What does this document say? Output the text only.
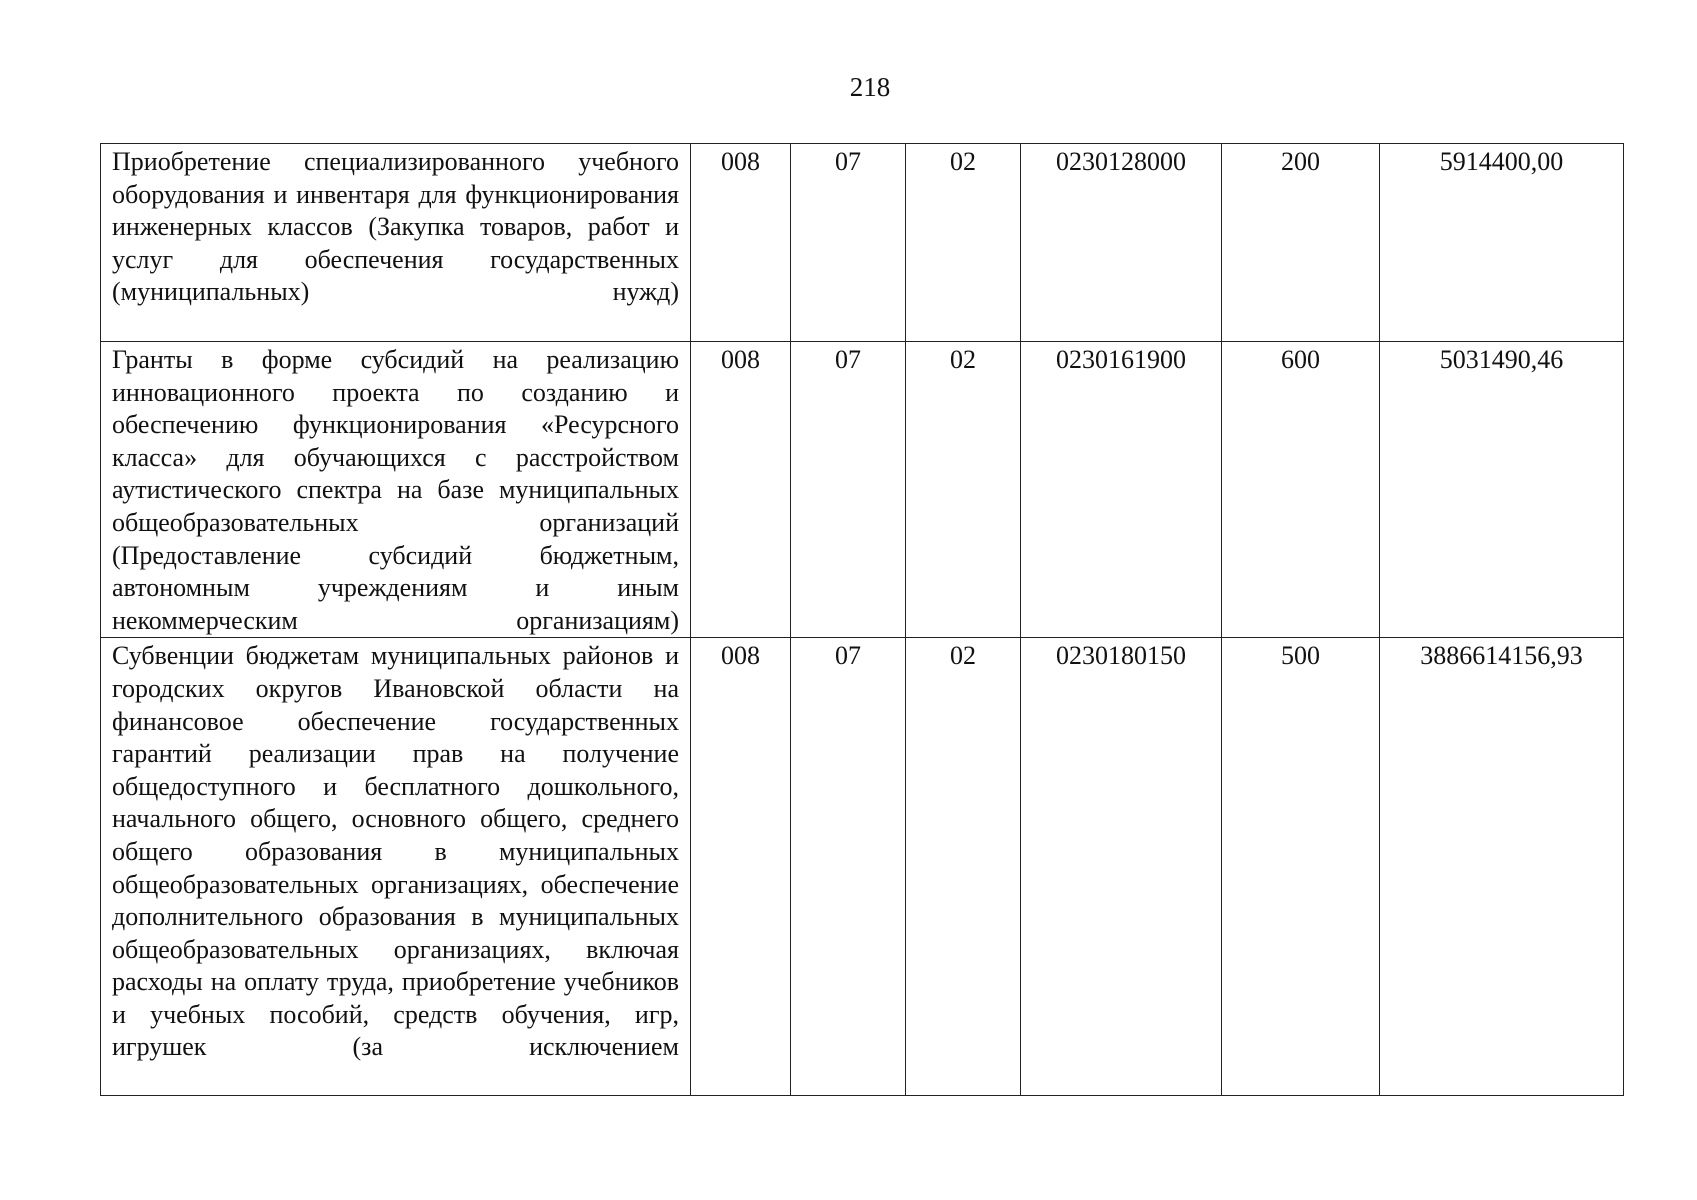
218
Приобретение специализированного учебного оборудования и инвентаря для функционирования инженерных классов (Закупка товаров, работ и услуг для обеспечения государственных (муниципальных) нужд)	008	07	02	0230128000	200	5914400,00

Гранты в форме субсидий на реализацию инновационного проекта по созданию и обеспечению функционирования «Ресурсного класса» для обучающихся с расстройством аутистического спектра на базе муниципальных общеобразовательных организаций (Предоставление субсидий бюджетным, автономным учреждениям и иным некоммерческим организациям)	008	07	02	0230161900	600	5031490,46

Субвенции бюджетам муниципальных районов и городских округов Ивановской области на финансовое обеспечение государственных гарантий реализации прав на получение общедоступного и бесплатного дошкольного, начального общего, основного общего, среднего общего образования в муниципальных общеобразовательных организациях, обеспечение дополнительного образования в муниципальных общеобразовательных организациях, включая расходы на оплату труда, приобретение учебников и учебных пособий, средств обучения, игр, игрушек (за исключением	008	07	02	0230180150	500	3886614156,93
